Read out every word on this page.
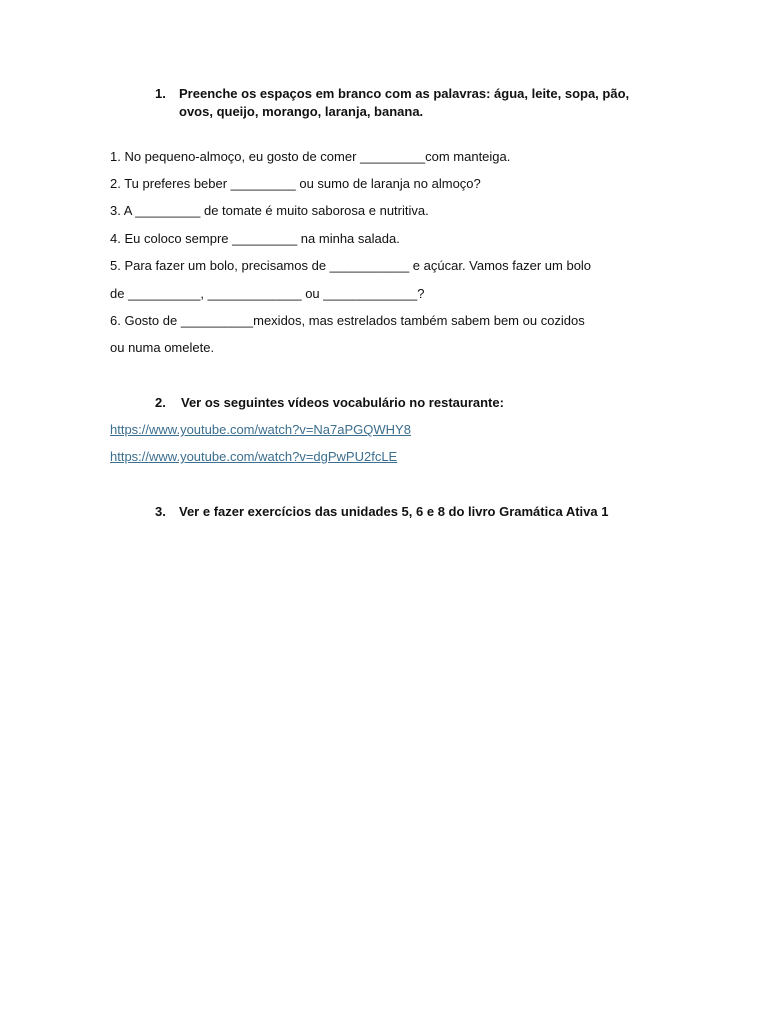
1. Preenche os espaços em branco com as palavras: água, leite, sopa, pão, ovos, queijo, morango, laranja, banana.
1. No pequeno-almoço, eu gosto de comer _________com manteiga.
2. Tu preferes beber _________ ou sumo de laranja no almoço?
3. A _________ de tomate é muito saborosa e nutritiva.
4. Eu coloco sempre _________ na minha salada.
5. Para fazer um bolo, precisamos de ___________ e açúcar. Vamos fazer um bolo
de __________, _____________ ou _____________?
6. Gosto de __________mexidos, mas estrelados também sabem bem ou cozidos
ou numa omelete.
2. Ver os seguintes vídeos vocabulário no restaurante:
https://www.youtube.com/watch?v=Na7aPGQWHY8
https://www.youtube.com/watch?v=dgPwPU2fcLE
3. Ver e fazer exercícios das unidades 5, 6 e 8 do livro Gramática Ativa 1
